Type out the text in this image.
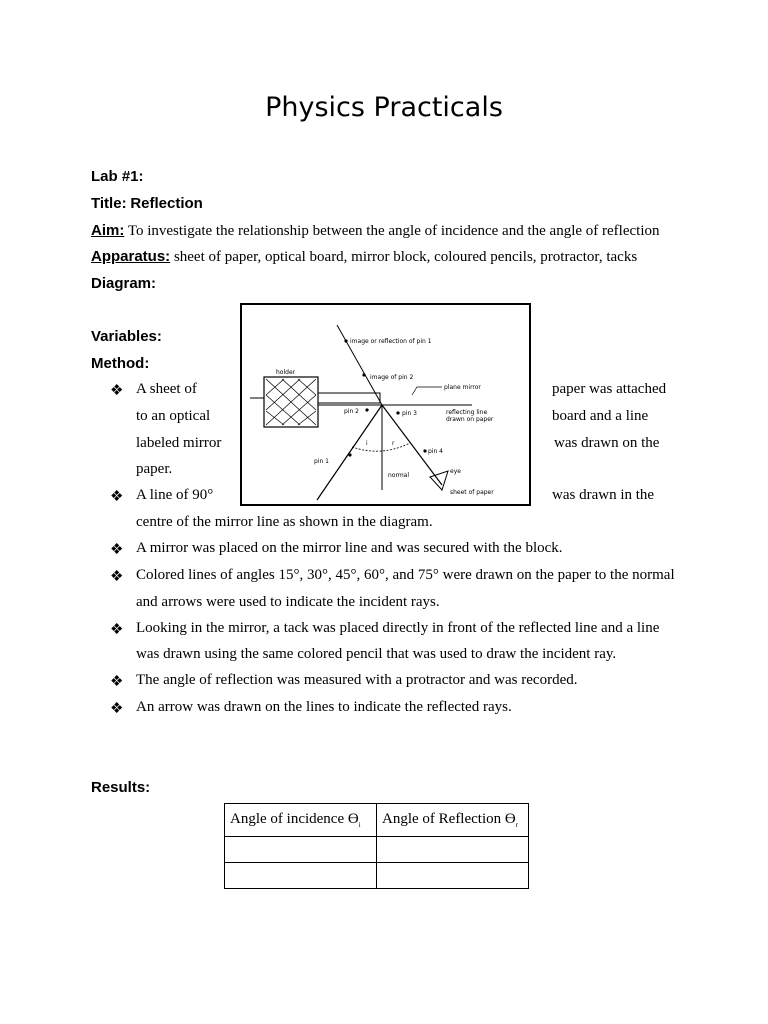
Physics Practicals
Lab #1:
Title: Reflection
Aim: To investigate the relationship between the angle of incidence and the angle of reflection
Apparatus: sheet of paper, optical board, mirror block, coloured pencils, protractor, tacks
Diagram:
Variables:
Method:
❖ A sheet of	paper was attached
to an optical	board and a line
labeled mirror	was drawn on the
paper.
❖ A line of 90°	was drawn in the
centre of the mirror line as shown in the diagram.
❖ A mirror was placed on the mirror line and was secured with the block.
❖ Colored lines of angles 15°, 30°, 45°, 60°, and 75° were drawn on the paper to the normal
and arrows were used to indicate the incident rays.
❖ Looking in the mirror, a tack was placed directly in front of the reflected line and a line
was drawn using the same colored pencil that was used to draw the incident ray.
❖ The angle of reflection was measured with a protractor and was recorded.
❖ An arrow was drawn on the lines to indicate the reflected rays.
holder
image or reflection of pin 1
image of pin 2
plane mirror
pin 2	pin 3	reflecting line
drawn on paper
pin 1
i	r
pin 4
normal
eye
sheet of paper
Results:
Angle of incidence $Ɵ_i$	Angle of Reflection $Ɵ_r$
